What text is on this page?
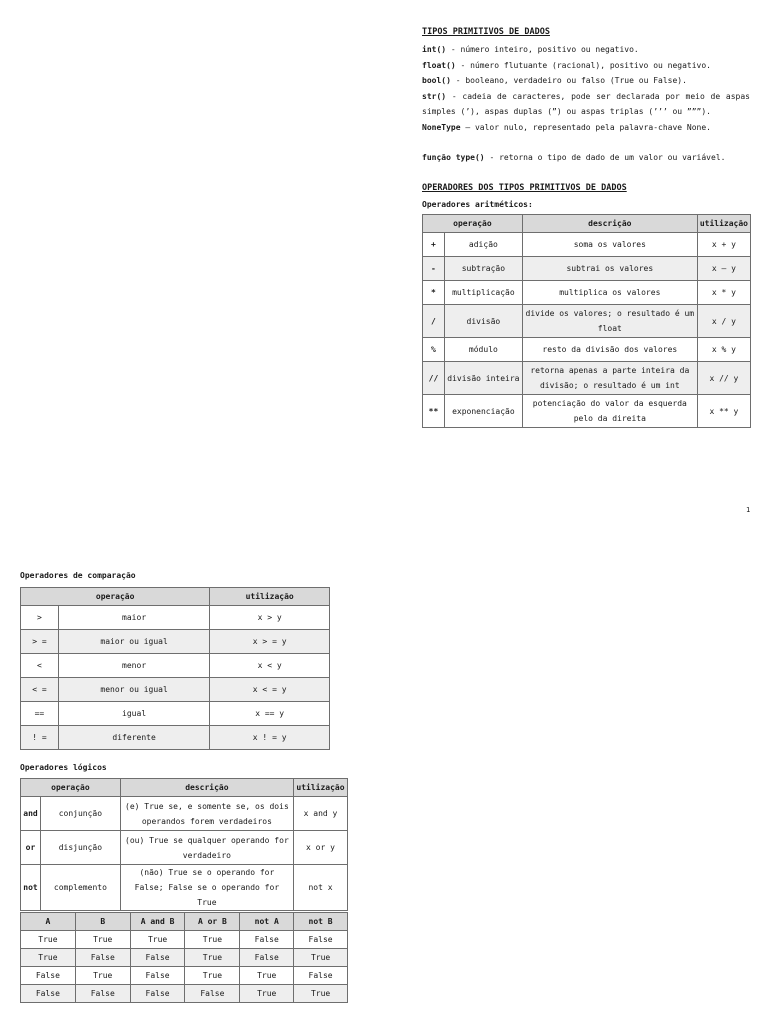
TIPOS PRIMITIVOS DE DADOS
int() - número inteiro, positivo ou negativo.
float() - número flutuante (racional), positivo ou negativo.
bool() - booleano, verdadeiro ou falso (True ou False).
str() - cadeia de caracteres, pode ser declarada por meio de aspas simples (’), aspas duplas (”) ou aspas triplas (’’’ ou ”””).
NoneType – valor nulo, representado pela palavra-chave None.
função type() - retorna o tipo de dado de um valor ou variável.
OPERADORES DOS TIPOS PRIMITIVOS DE DADOS
Operadores aritméticos:
operação		descrição	utilização
+	adição	soma os valores	x + y
-	subtração	subtrai os valores	x – y
*	multiplicação	multiplica os valores	x * y
/	divisão	divide os valores; o resultado é um float	x / y
%	módulo	resto da divisão dos valores	x % y
//	divisão inteira	retorna apenas a parte inteira da divisão; o resultado é um int	x // y
**	exponenciação	potenciação do valor da esquerda pelo da direita	x ** y
1
Operadores de comparação
operação		utilização
>	maior	x > y
> =	maior ou igual	x > = y
<	menor	x < y
< =	menor ou igual	x < = y
==	igual	x == y
! =	diferente	x ! = y
Operadores lógicos
operação		descrição	utilização
and	conjunção	(e) True se, e somente se, os dois operandos forem verdadeiros	x and y
or	disjunção	(ou) True se qualquer operando for verdadeiro	x or y
not	complemento	(não) True se o operando for False; False se o operando for True	not x
A	B	A and B	A or B	not A	not B
True	True	True	True	False	False
True	False	False	True	False	True
False	True	False	True	True	False
False	False	False	False	True	True
